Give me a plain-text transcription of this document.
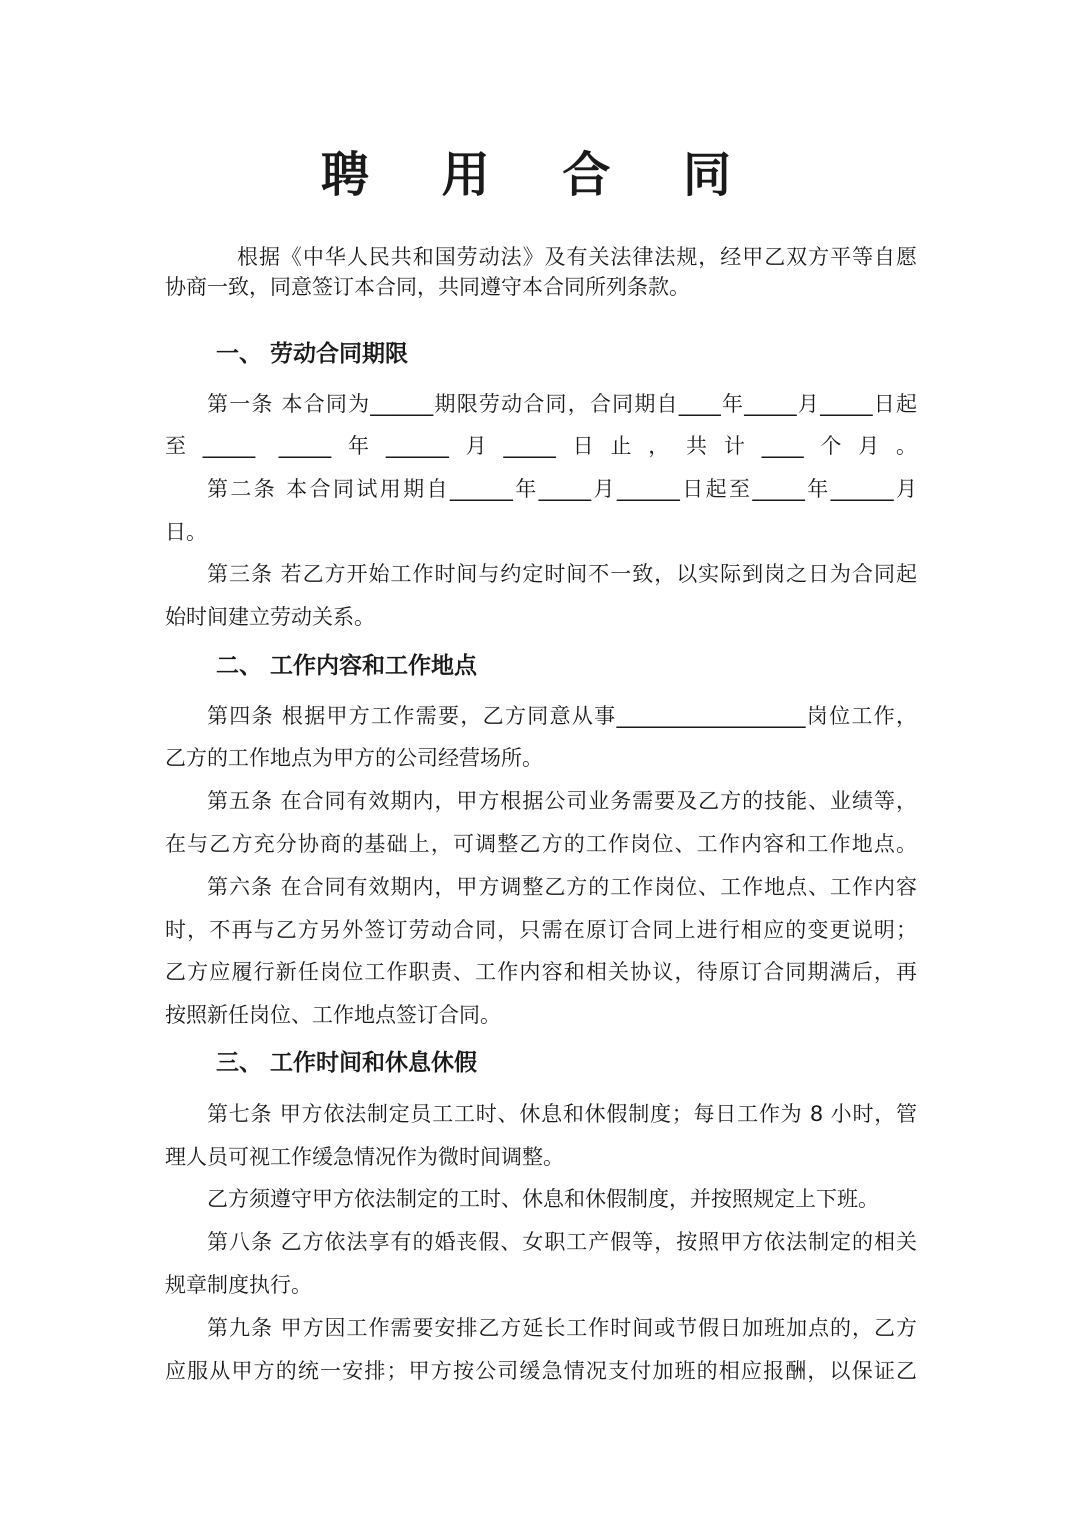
聘 用 合 同
根据《中华人民共和国劳动法》及有关法律法规，经甲乙双方平等自愿
协商一致，同意签订本合同，共同遵守本合同所列条款。
一、 劳动合同期限
第一条 本合同为______期限劳动合同，合同期自____年_____月_____日起
至_____ _____年______月_____日止，共计____个月。
第二条 本合同试用期自______年_____月______日起至_____年______月
日。
第三条 若乙方开始工作时间与约定时间不一致，以实际到岗之日为合同起
始时间建立劳动关系。
二、 工作内容和工作地点
第四条 根据甲方工作需要，乙方同意从事__________________岗位工作，
乙方的工作地点为甲方的公司经营场所。
第五条 在合同有效期内，甲方根据公司业务需要及乙方的技能、业绩等，
在与乙方充分协商的基础上，可调整乙方的工作岗位、工作内容和工作地点。
第六条 在合同有效期内，甲方调整乙方的工作岗位、工作地点、工作内容
时，不再与乙方另外签订劳动合同，只需在原订合同上进行相应的变更说明；
乙方应履行新任岗位工作职责、工作内容和相关协议，待原订合同期满后，再
按照新任岗位、工作地点签订合同。
三、 工作时间和休息休假
第七条 甲方依法制定员工工时、休息和休假制度；每日工作为 8 小时，管
理人员可视工作缓急情况作为微时间调整。
乙方须遵守甲方依法制定的工时、休息和休假制度，并按照规定上下班。
第八条 乙方依法享有的婚丧假、女职工产假等，按照甲方依法制定的相关
规章制度执行。
第九条 甲方因工作需要安排乙方延长工作时间或节假日加班加点的，乙方
应服从甲方的统一安排；甲方按公司缓急情况支付加班的相应报酬，以保证乙
